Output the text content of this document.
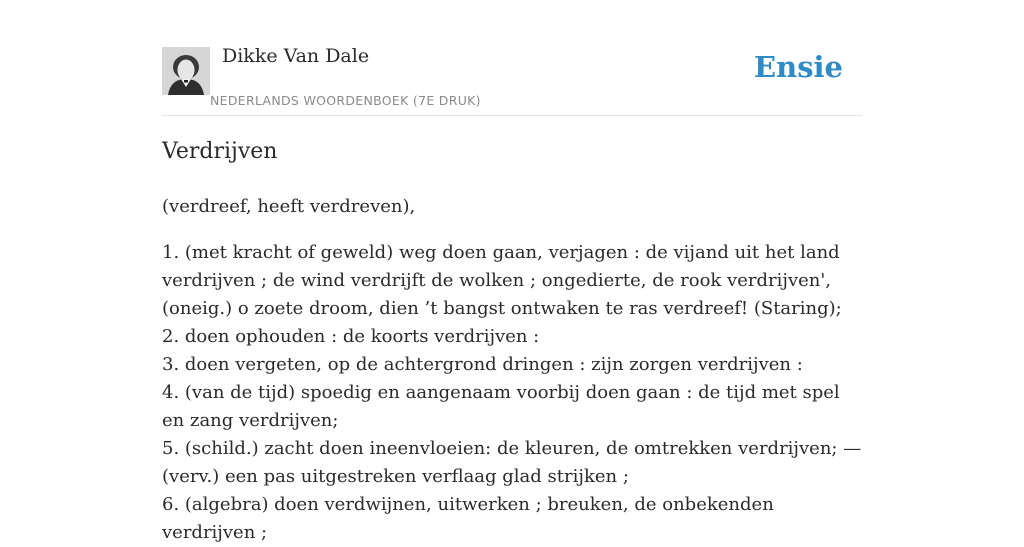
Dikke Van Dale
NEDERLANDS WOORDENBOEK (7E DRUK)
Ensie
Verdrijven

(verdreef, heeft verdreven),

1. (met kracht of geweld) weg doen gaan, verjagen : de vijand uit het land verdrijven ; de wind verdrijft de wolken ; ongedierte, de rook verdrijven', (oneig.) o zoete droom, dien ’t bangst ontwaken te ras verdreef! (Staring);
2. doen ophouden : de koorts verdrijven :
3. doen vergeten, op de achtergrond dringen : zijn zorgen verdrijven :
4. (van de tijd) spoedig en aangenaam voorbij doen gaan : de tijd met spel en zang verdrijven;
5. (schild.) zacht doen ineenvloeien: de kleuren, de omtrekken verdrijven; — (verv.) een pas uitgestreken verflaag glad strijken ;
6. (algebra) doen verdwijnen, uitwerken ; breuken, de onbekenden verdrijven ;
